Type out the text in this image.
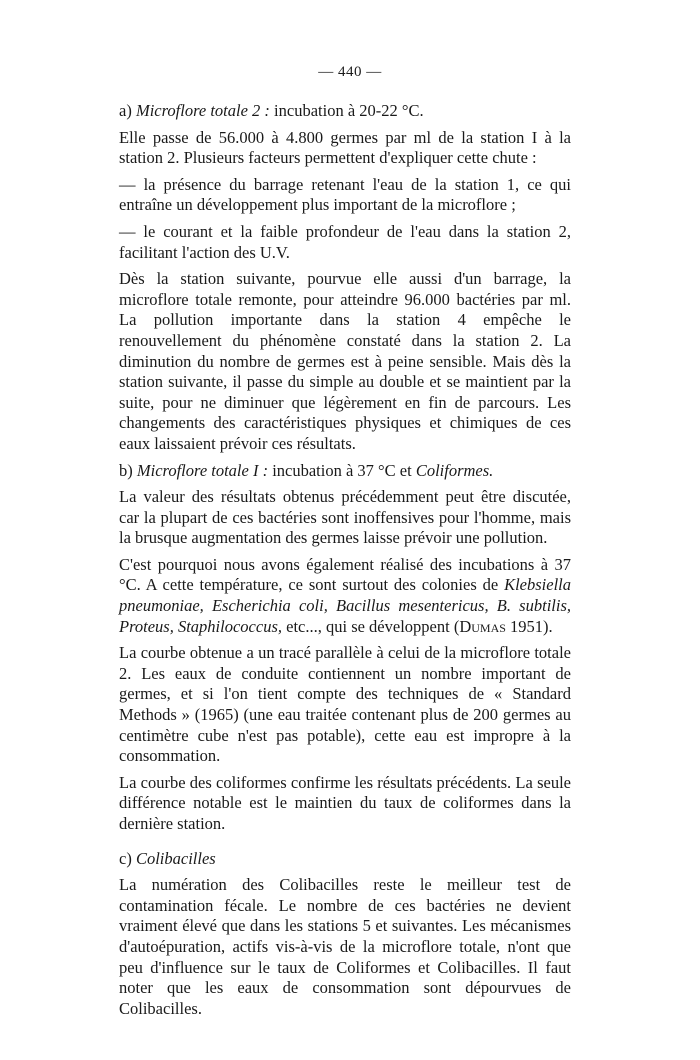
— 440 —

a) Microflore totale 2 : incubation à 20-22 °C.

Elle passe de 56.000 à 4.800 germes par ml de la station I à la station 2. Plusieurs facteurs permettent d'expliquer cette chute :

— la présence du barrage retenant l'eau de la station 1, ce qui entraîne un développement plus important de la microflore ;

— le courant et la faible profondeur de l'eau dans la station 2, facilitant l'action des U.V.

Dès la station suivante, pourvue elle aussi d'un barrage, la microflore totale remonte, pour atteindre 96.000 bactéries par ml. La pollution importante dans la station 4 empêche le renouvellement du phénomène constaté dans la station 2. La diminution du nombre de germes est à peine sensible. Mais dès la station suivante, il passe du simple au double et se maintient par la suite, pour ne diminuer que légèrement en fin de parcours. Les changements des caractéristiques physiques et chimiques de ces eaux laissaient prévoir ces résultats.

b) Microflore totale I : incubation à 37 °C et Coliformes.

La valeur des résultats obtenus précédemment peut être discutée, car la plupart de ces bactéries sont inoffensives pour l'homme, mais la brusque augmentation des germes laisse prévoir une pollution.

C'est pourquoi nous avons également réalisé des incubations à 37 °C. A cette température, ce sont surtout des colonies de Klebsiella pneumoniae, Escherichia coli, Bacillus mesentericus, B. subtilis, Proteus, Staphilococcus, etc..., qui se développent (Dumas 1951).

La courbe obtenue a un tracé parallèle à celui de la microflore totale 2. Les eaux de conduite contiennent un nombre important de germes, et si l'on tient compte des techniques de « Standard Methods » (1965) (une eau traitée contenant plus de 200 germes au centimètre cube n'est pas potable), cette eau est impropre à la consommation.

La courbe des coliformes confirme les résultats précédents. La seule différence notable est le maintien du taux de coliformes dans la dernière station.

c) Colibacilles

La numération des Colibacilles reste le meilleur test de contamination fécale. Le nombre de ces bactéries ne devient vraiment élevé que dans les stations 5 et suivantes. Les mécanismes d'autoépuration, actifs vis-à-vis de la microflore totale, n'ont que peu d'influence sur le taux de Coliformes et Colibacilles. Il faut noter que les eaux de consommation sont dépourvues de Colibacilles.
